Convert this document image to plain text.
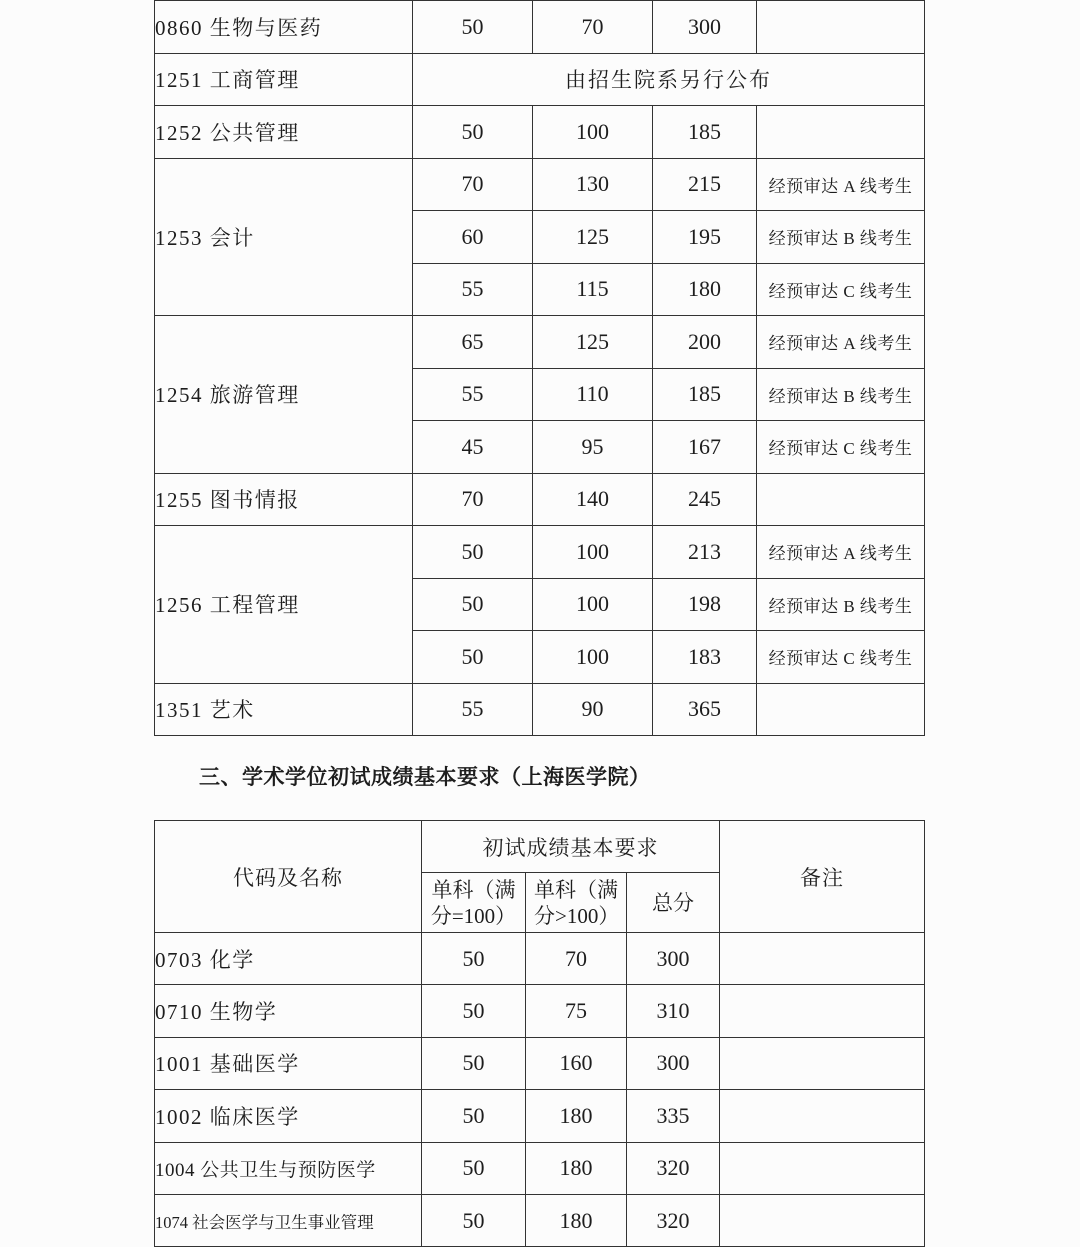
0860 生物与医药	50	70	300	
1251 工商管理	由招生院系另行公布			
1252 公共管理	50	100	185	
1253 会计	70	130	215	经预审达 A 线考生
	60	125	195	经预审达 B 线考生
	55	115	180	经预审达 C 线考生
1254 旅游管理	65	125	200	经预审达 A 线考生
	55	110	185	经预审达 B 线考生
	45	95	167	经预审达 C 线考生
1255 图书情报	70	140	245	
1256 工程管理	50	100	213	经预审达 A 线考生
	50	100	198	经预审达 B 线考生
	50	100	183	经预审达 C 线考生
1351 艺术	55	90	365	
三、学术学位初试成绩基本要求（上海医学院）
代码及名称	初试成绩基本要求			备注
	单科（满分=100）	单科（满分>100）	总分	
0703 化学	50	70	300	
0710 生物学	50	75	310	
1001 基础医学	50	160	300	
1002 临床医学	50	180	335	
1004 公共卫生与预防医学	50	180	320	
1074 社会医学与卫生事业管理	50	180	320	
